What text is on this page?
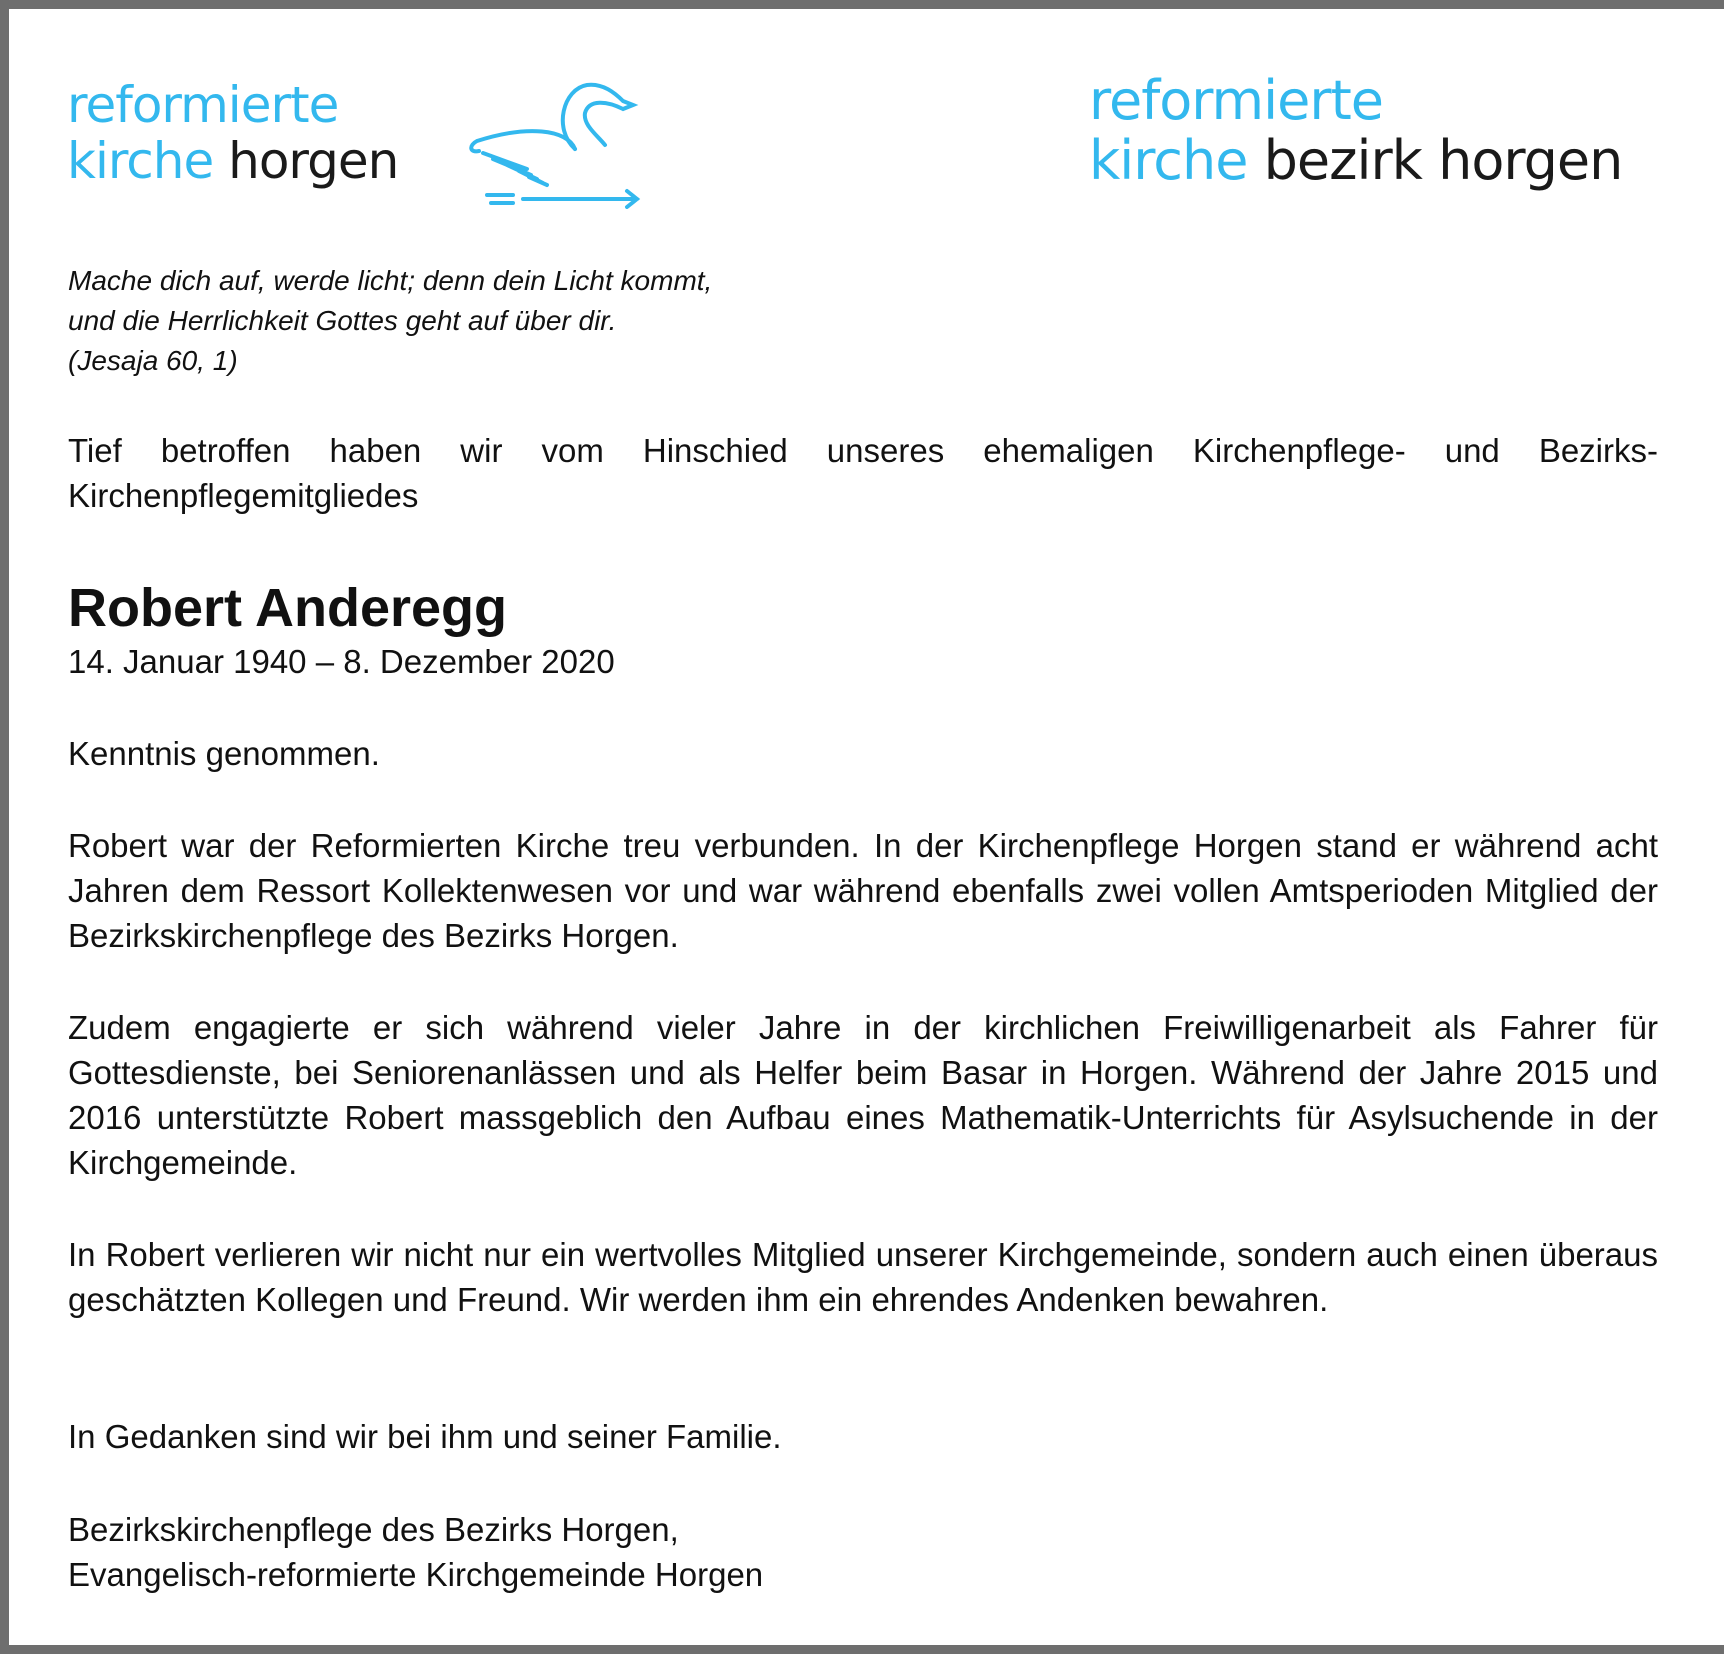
reformierte
kirche horgen
reformierte
kirche bezirk horgen
Mache dich auf, werde licht; denn dein Licht kommt,
und die Herrlichkeit Gottes geht auf über dir.
(Jesaja 60, 1)

Tief betroffen haben wir vom Hinschied unseres ehemaligen Kirchenpflege- und Bezirks-Kirchenpflegemitgliedes

Robert Anderegg
14. Januar 1940 – 8. Dezember 2020

Kenntnis genommen.

Robert war der Reformierten Kirche treu verbunden. In der Kirchenpflege Horgen stand er während acht Jahren dem Ressort Kollektenwesen vor und war während ebenfalls zwei vollen Amtsperioden Mitglied der Bezirkskirchenpflege des Bezirks Horgen.

Zudem engagierte er sich während vieler Jahre in der kirchlichen Freiwilligenarbeit als Fahrer für Gottesdienste, bei Seniorenanlässen und als Helfer beim Basar in Horgen. Während der Jahre 2015 und 2016 unterstützte Robert massgeblich den Aufbau eines Mathematik-Unterrichts für Asylsuchende in der Kirchgemeinde.

In Robert verlieren wir nicht nur ein wertvolles Mitglied unserer Kirchgemeinde, sondern auch einen überaus geschätzten Kollegen und Freund. Wir werden ihm ein ehrendes Andenken bewahren.

In Gedanken sind wir bei ihm und seiner Familie.

Bezirkskirchenpflege des Bezirks Horgen,
Evangelisch-reformierte Kirchgemeinde Horgen
